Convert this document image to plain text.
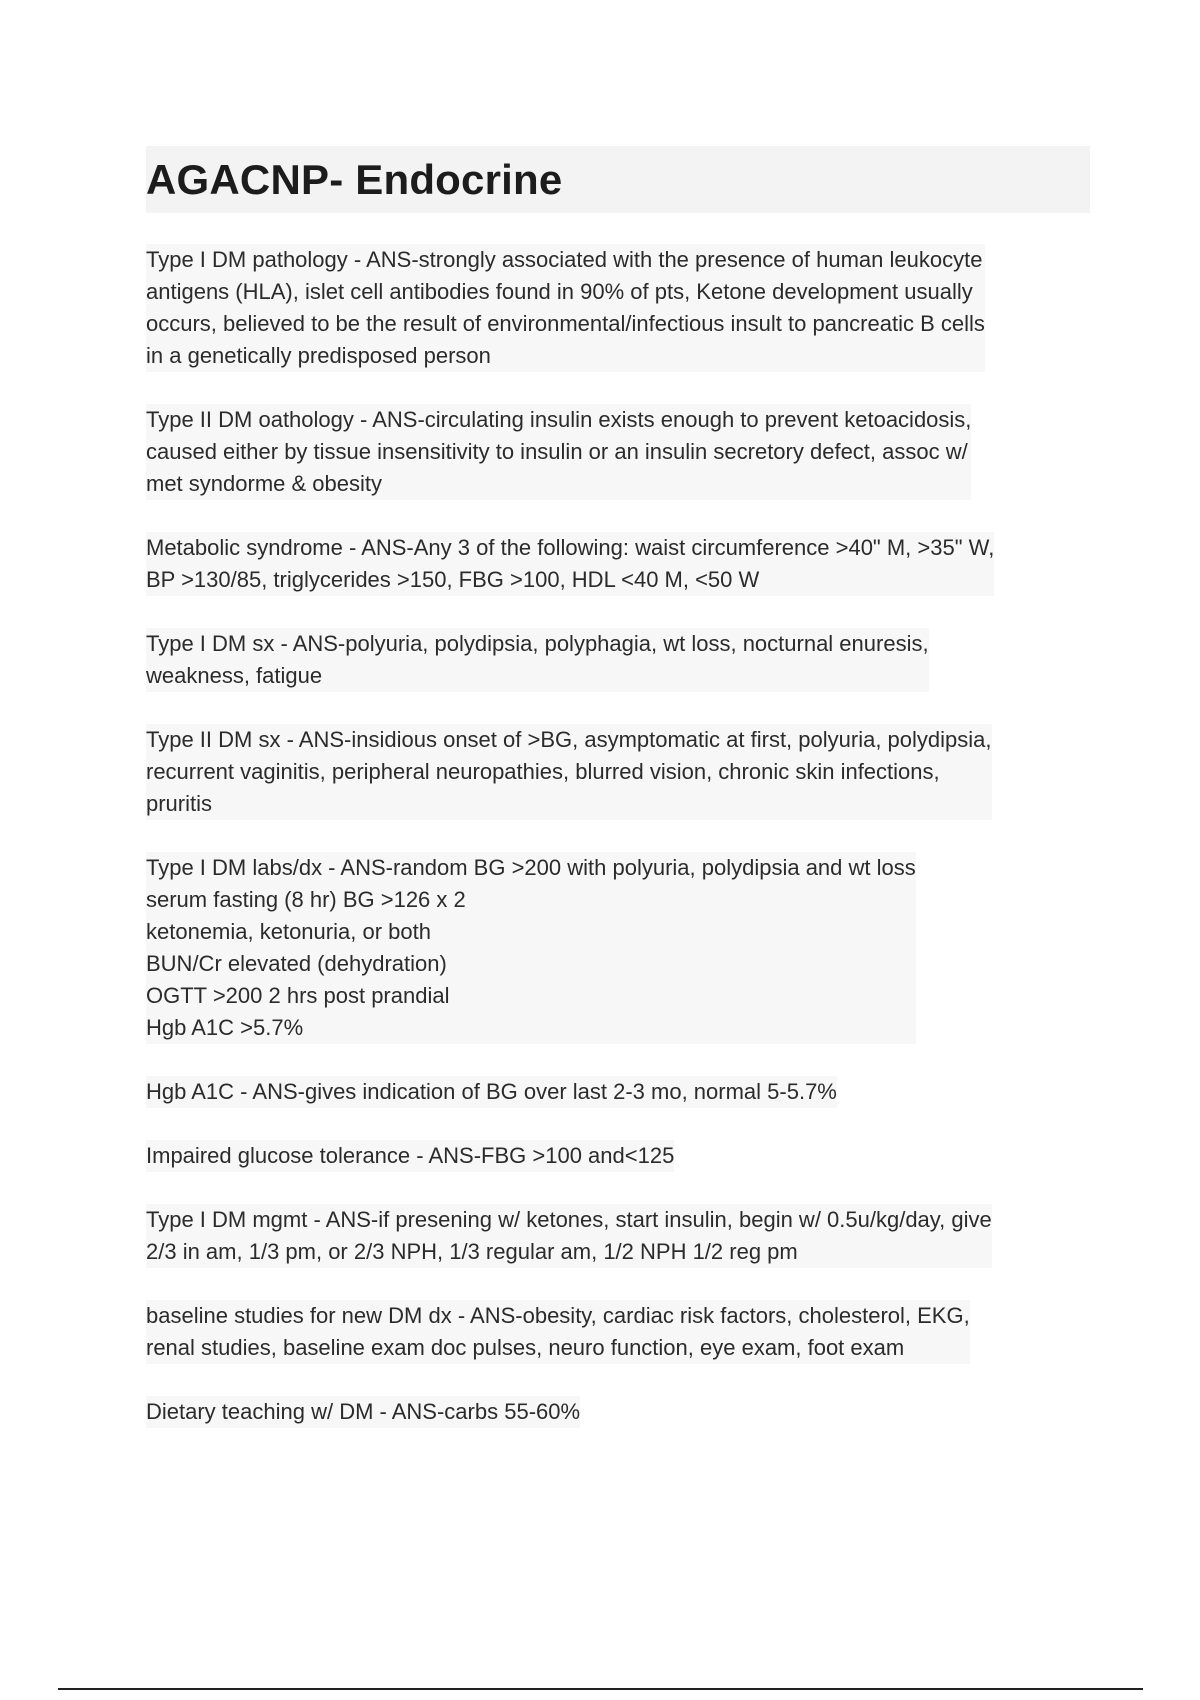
AGACNP- Endocrine

Type I DM pathology - ANS-strongly associated with the presence of human leukocyte
antigens (HLA), islet cell antibodies found in 90% of pts, Ketone development usually
occurs, believed to be the result of environmental/infectious insult to pancreatic B cells
in a genetically predisposed person

Type II DM oathology - ANS-circulating insulin exists enough to prevent ketoacidosis,
caused either by tissue insensitivity to insulin or an insulin secretory defect, assoc w/
met syndorme & obesity

Metabolic syndrome - ANS-Any 3 of the following: waist circumference >40" M, >35" W,
BP >130/85, triglycerides >150, FBG >100, HDL <40 M, <50 W

Type I DM sx - ANS-polyuria, polydipsia, polyphagia, wt loss, nocturnal enuresis,
weakness, fatigue

Type II DM sx - ANS-insidious onset of >BG, asymptomatic at first, polyuria, polydipsia,
recurrent vaginitis, peripheral neuropathies, blurred vision, chronic skin infections,
pruritis

Type I DM labs/dx - ANS-random BG >200 with polyuria, polydipsia and wt loss
serum fasting (8 hr) BG >126 x 2
ketonemia, ketonuria, or both
BUN/Cr elevated (dehydration)
OGTT >200 2 hrs post prandial
Hgb A1C >5.7%

Hgb A1C - ANS-gives indication of BG over last 2-3 mo, normal 5-5.7%

Impaired glucose tolerance - ANS-FBG >100 and<125

Type I DM mgmt - ANS-if presening w/ ketones, start insulin, begin w/ 0.5u/kg/day, give
2/3 in am, 1/3 pm, or 2/3 NPH, 1/3 regular am, 1/2 NPH 1/2 reg pm

baseline studies for new DM dx - ANS-obesity, cardiac risk factors, cholesterol, EKG,
renal studies, baseline exam doc pulses, neuro function, eye exam, foot exam

Dietary teaching w/ DM - ANS-carbs 55-60%
